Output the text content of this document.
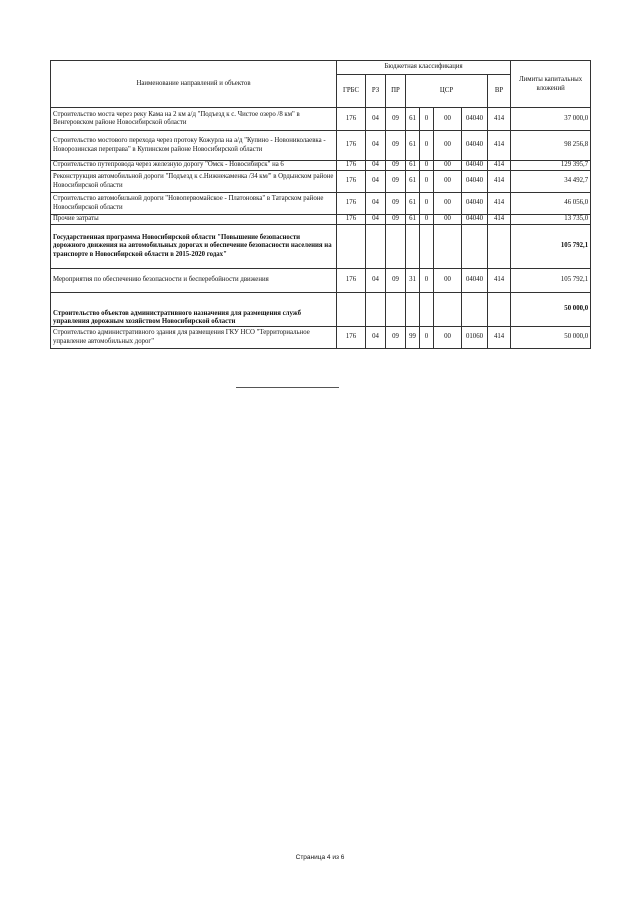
Наименование направлений и объектов	Бюджетная классификация								Лимиты капитальных вложений
	ГРБС	РЗ	ПР	ЦСР				ВР	
Строительство моста через реку Кама на 2 км а/д "Подъезд к с. Чистое озеро /8 км" в Венгеровском районе Новосибирской области	176	04	09	61	0	00	04040	414	37 000,0
Строительство мостового перехода через протоку Кожурла на а/д "Купино - Новониколаевка - Новорозинская переправа" в Купинском районе Новосибирской области	176	04	09	61	0	00	04040	414	98 256,8
Строительство путепровода через железную дорогу "Омск - Новосибирск" на 6	176	04	09	61	0	00	04040	414	129 395,7
Реконструкция автомобильной дороги "Подъезд к с.Нижнекаменка /34 км/" в Ордынском районе Новосибирской области	176	04	09	61	0	00	04040	414	34 492,7
Строительство автомобильной дороги "Новопервомайское - Платоновка" в Татарском районе Новосибирской области	176	04	09	61	0	00	04040	414	46 056,0
Прочие затраты	176	04	09	61	0	00	04040	414	13 735,0
Государственная программа Новосибирской области "Повышение безопасности дорожного движения на автомобильных дорогах и обеспечение безопасности населения на транспорте в Новосибирской области в 2015-2020 годах"									105 792,1
Мероприятия по обеспечению безопасности и бесперебойности движения	176	04	09	31	0	00	04040	414	105 792,1
Строительство объектов административного назначения для размещения служб управления дорожным хозяйством Новосибирской области									50 000,0
Строительство административного здания для размещения ГКУ НСО "Территориальное управление автомобильных дорог"	176	04	09	99	0	00	01060	414	50 000,0
Страница 4 из 6
